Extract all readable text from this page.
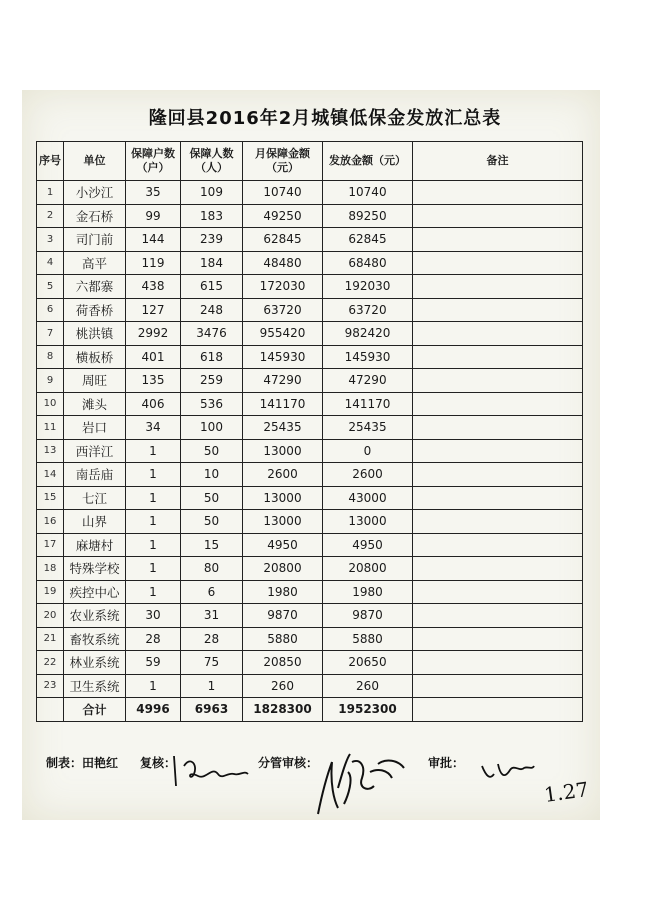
隆回县2016年2月城镇低保金发放汇总表
序号	单位	保障户数（户）	保障人数（人）	月保障金额（元）	发放金额（元）	备注
1	小沙江	35	109	10740	10740	
2	金石桥	99	183	49250	89250	
3	司门前	144	239	62845	62845	
4	高平	119	184	48480	68480	
5	六都寨	438	615	172030	192030	
6	荷香桥	127	248	63720	63720	
7	桃洪镇	2992	3476	955420	982420	
8	横板桥	401	618	145930	145930	
9	周旺	135	259	47290	47290	
10	滩头	406	536	141170	141170	
11	岩口	34	100	25435	25435	
13	西洋江	1	50	13000	0	
14	南岳庙	1	10	2600	2600	
15	七江	1	50	13000	43000	
16	山界	1	50	13000	13000	
17	麻塘村	1	15	4950	4950	
18	特殊学校	1	80	20800	20800	
19	疾控中心	1	6	1980	1980	
20	农业系统	30	31	9870	9870	
21	畜牧系统	28	28	5880	5880	
22	林业系统	59	75	20850	20650	
23	卫生系统	1	1	260	260	
	合计	4996	6963	1828300	1952300	
制表：田艳红 复核：	分管审核：	审批：
1.27
